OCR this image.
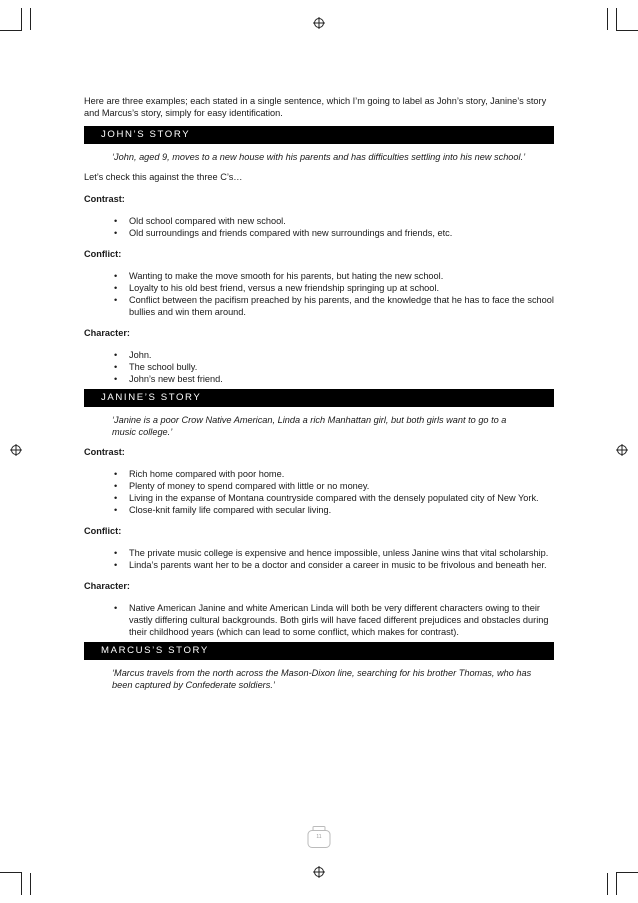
Here are three examples; each stated in a single sentence, which I’m going to label as John’s story, Janine’s story and Marcus’s story, simply for easy identification.

JOHN’S STORY

‘John, aged 9, moves to a new house with his parents and has difficulties settling into his new school.’

Let’s check this against the three C’s…

Contrast:

• Old school compared with new school.
• Old surroundings and friends compared with new surroundings and friends, etc.

Conflict:

• Wanting to make the move smooth for his parents, but hating the new school.
• Loyalty to his old best friend, versus a new friendship springing up at school.
• Conflict between the pacifism preached by his parents, and the knowledge that he has to face the school bullies and win them around.

Character:

• John.
• The school bully.
• John’s new best friend.
JANINE’S STORY

‘Janine is a poor Crow Native American, Linda a rich Manhattan girl, but both girls want to go to a music college.’

Contrast:

• Rich home compared with poor home.
• Plenty of money to spend compared with little or no money.
• Living in the expanse of Montana countryside compared with the densely populated city of New York.
• Close-knit family life compared with secular living.

Conflict:

• The private music college is expensive and hence impossible, unless Janine wins that vital scholarship.
• Linda’s parents want her to be a doctor and consider a career in music to be frivolous and beneath her.

Character:

• Native American Janine and white American Linda will both be very different characters owing to their vastly differing cultural backgrounds. Both girls will have faced different prejudices and obstacles during their childhood years (which can lead to some conflict, which makes for contrast).
MARCUS’S STORY

‘Marcus travels from the north across the Mason-Dixon line, searching for his brother Thomas, who has been captured by Confederate soldiers.’

11
